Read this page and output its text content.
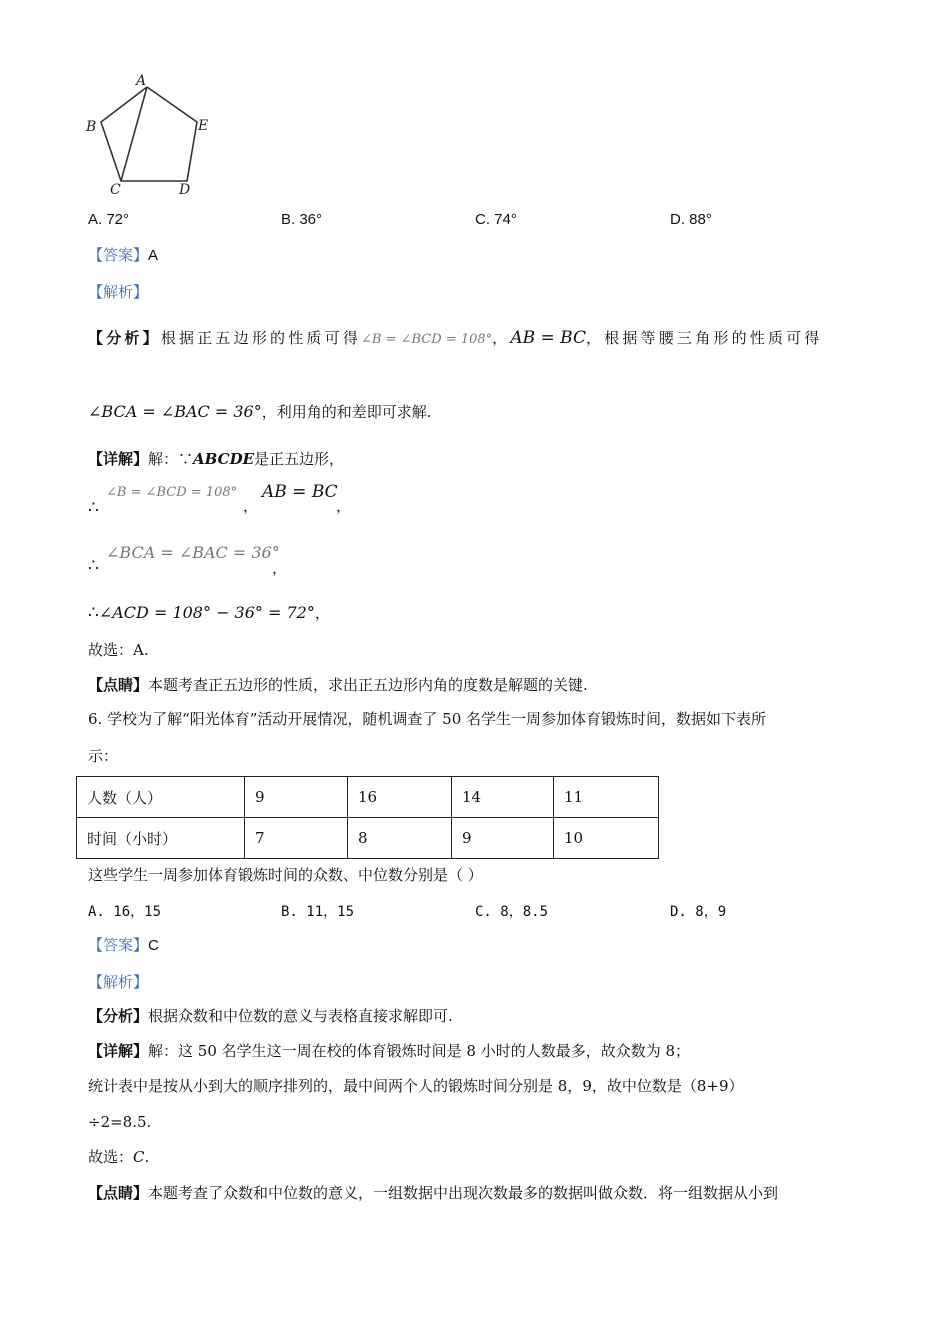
A
B
C	D
E
A. 72°	B. 36°	C. 74°	D. 88°
【答案】A
【解析】
【分析】根据正五边形的性质可得∠B = ∠BCD = 108°，AB = BC，根据等腰三角形的性质可得
∠BCA = ∠BAC = 36°，利用角的和差即可求解.
【详解】解：∵ABCDE是正五边形，
∴
∠B = ∠BCD = 108°
，
AB = BC
，
∴
∠BCA = ∠BAC = 36°
，
∴∠ACD = 108° − 36° = 72°，
故选：A.
【点睛】本题考查正五边形的性质，求出正五边形内角的度数是解题的关键.
6. 学校为了解“阳光体育”活动开展情况，随机调查了 50 名学生一周参加体育锻炼时间，数据如下表所
示：
人数（人）	9	16	14	11
时间（小时）	7	8	9	10
这些学生一周参加体育锻炼时间的众数、中位数分别是（ ）
A. 16，15	B. 11，15	C. 8，8.5	D. 8，9
【答案】C
【解析】
【分析】根据众数和中位数的意义与表格直接求解即可.
【详解】解：这 50 名学生这一周在校的体育锻炼时间是 8 小时的人数最多，故众数为 8；
统计表中是按从小到大的顺序排列的，最中间两个人的锻炼时间分别是 8，9，故中位数是（8+9）
÷2=8.5.
故选：C.
【点睛】本题考查了众数和中位数的意义，一组数据中出现次数最多的数据叫做众数．将一组数据从小到
